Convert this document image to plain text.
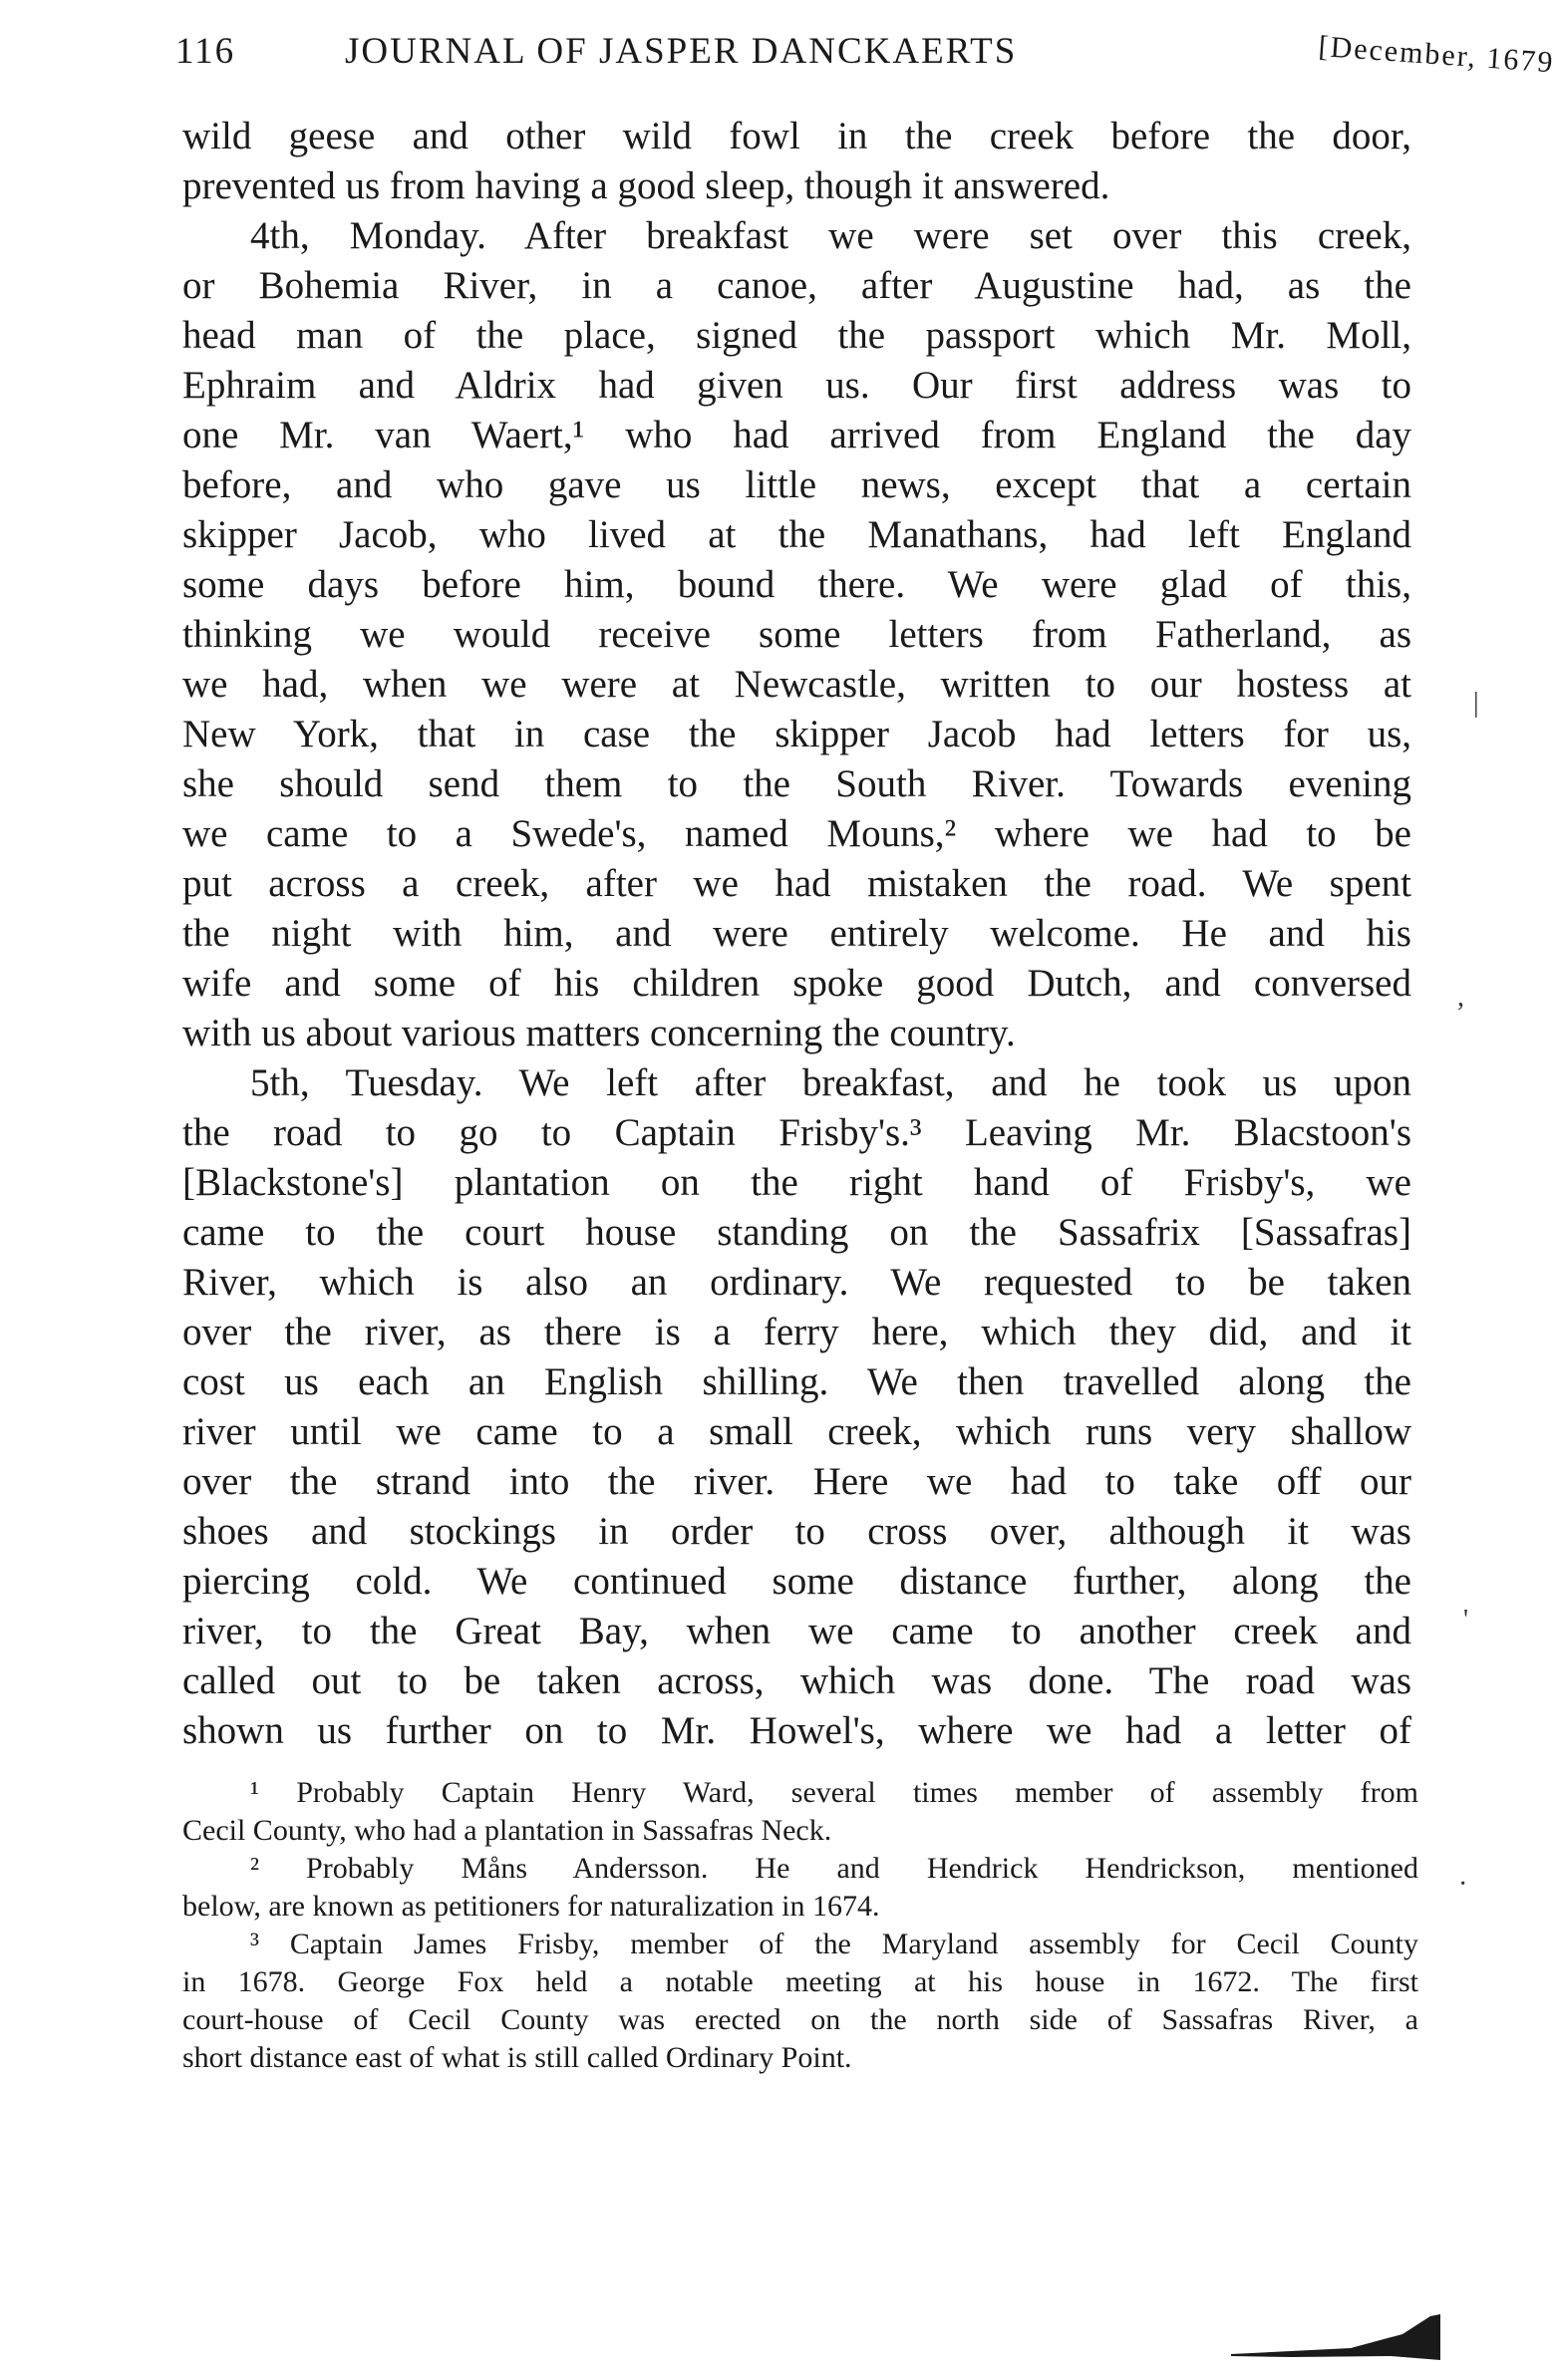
116	JOURNAL OF JASPER DANCKAERTS	[December, 1679
wild geese and other wild fowl in the creek before the door,
prevented us from having a good sleep, though it answered.
4th, Monday. After breakfast we were set over this creek,
or Bohemia River, in a canoe, after Augustine had, as the
head man of the place, signed the passport which Mr. Moll,
Ephraim and Aldrix had given us. Our first address was to
one Mr. van Waert,¹ who had arrived from England the day
before, and who gave us little news, except that a certain
skipper Jacob, who lived at the Manathans, had left England
some days before him, bound there. We were glad of this,
thinking we would receive some letters from Fatherland, as
we had, when we were at Newcastle, written to our hostess at
New York, that in case the skipper Jacob had letters for us,
she should send them to the South River. Towards evening
we came to a Swede's, named Mouns,² where we had to be
put across a creek, after we had mistaken the road. We spent
the night with him, and were entirely welcome. He and his
wife and some of his children spoke good Dutch, and conversed
with us about various matters concerning the country.
5th, Tuesday. We left after breakfast, and he took us upon
the road to go to Captain Frisby's.³ Leaving Mr. Blacstoon's
[Blackstone's] plantation on the right hand of Frisby's, we
came to the court house standing on the Sassafrix [Sassafras]
River, which is also an ordinary. We requested to be taken
over the river, as there is a ferry here, which they did, and it
cost us each an English shilling. We then travelled along the
river until we came to a small creek, which runs very shallow
over the strand into the river. Here we had to take off our
shoes and stockings in order to cross over, although it was
piercing cold. We continued some distance further, along the
river, to the Great Bay, when we came to another creek and
called out to be taken across, which was done. The road was
shown us further on to Mr. Howel's, where we had a letter of
¹ Probably Captain Henry Ward, several times member of assembly from
Cecil County, who had a plantation in Sassafras Neck.
² Probably Måns Andersson. He and Hendrick Hendrickson, mentioned
below, are known as petitioners for naturalization in 1674.
³ Captain James Frisby, member of the Maryland assembly for Cecil County
in 1678. George Fox held a notable meeting at his house in 1672. The first
court-house of Cecil County was erected on the north side of Sassafras River, a
short distance east of what is still called Ordinary Point.
|
,
'
·
